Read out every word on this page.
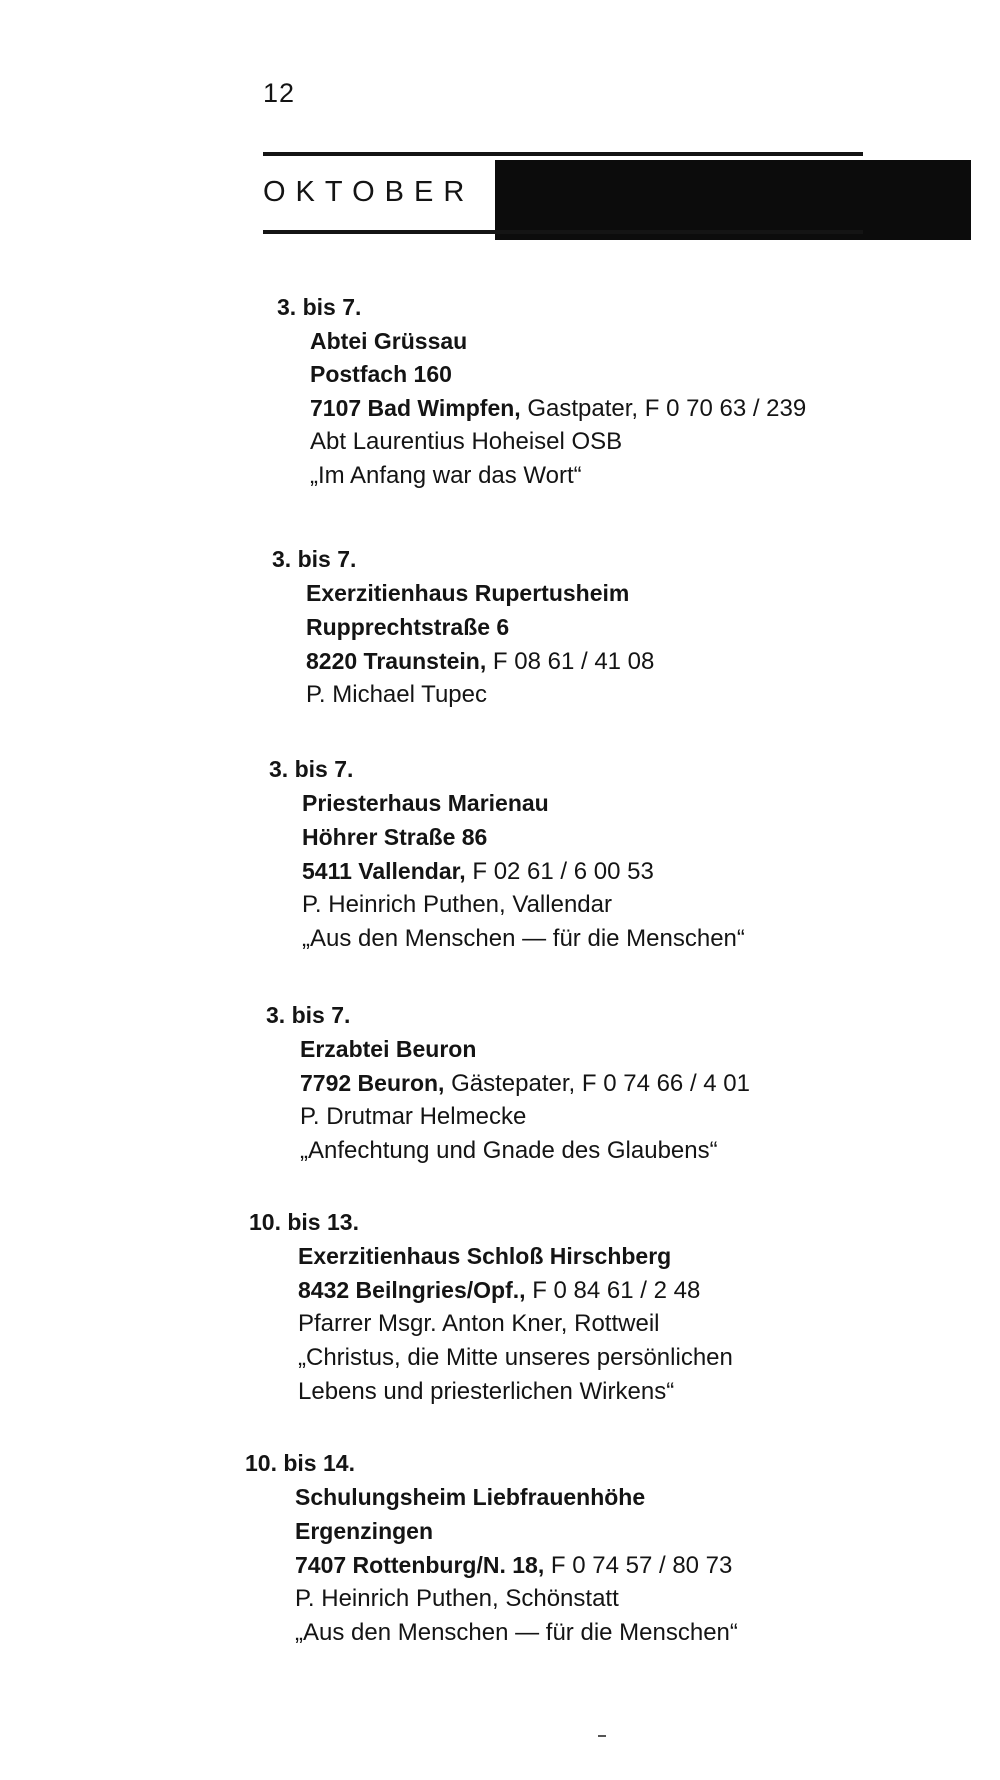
12
OKTOBER
3. bis 7.
Abtei Grüssau
Postfach 160
7107 Bad Wimpfen, Gastpater, F 0 70 63 / 239
Abt Laurentius Hoheisel OSB
„Im Anfang war das Wort“
3. bis 7.
Exerzitienhaus Rupertusheim
Rupprechtstraße 6
8220 Traunstein, F 08 61 / 41 08
P. Michael Tupec
3. bis 7.
Priesterhaus Marienau
Höhrer Straße 86
5411 Vallendar, F 02 61 / 6 00 53
P. Heinrich Puthen, Vallendar
„Aus den Menschen — für die Menschen“
3. bis 7.
Erzabtei Beuron
7792 Beuron, Gästepater, F 0 74 66 / 4 01
P. Drutmar Helmecke
„Anfechtung und Gnade des Glaubens“
10. bis 13.
Exerzitienhaus Schloß Hirschberg
8432 Beilngries/Opf., F 0 84 61 / 2 48
Pfarrer Msgr. Anton Kner, Rottweil
„Christus, die Mitte unseres persönlichen
Lebens und priesterlichen Wirkens“
10. bis 14.
Schulungsheim Liebfrauenhöhe
Ergenzingen
7407 Rottenburg/N. 18, F 0 74 57 / 80 73
P. Heinrich Puthen, Schönstatt
„Aus den Menschen — für die Menschen“
